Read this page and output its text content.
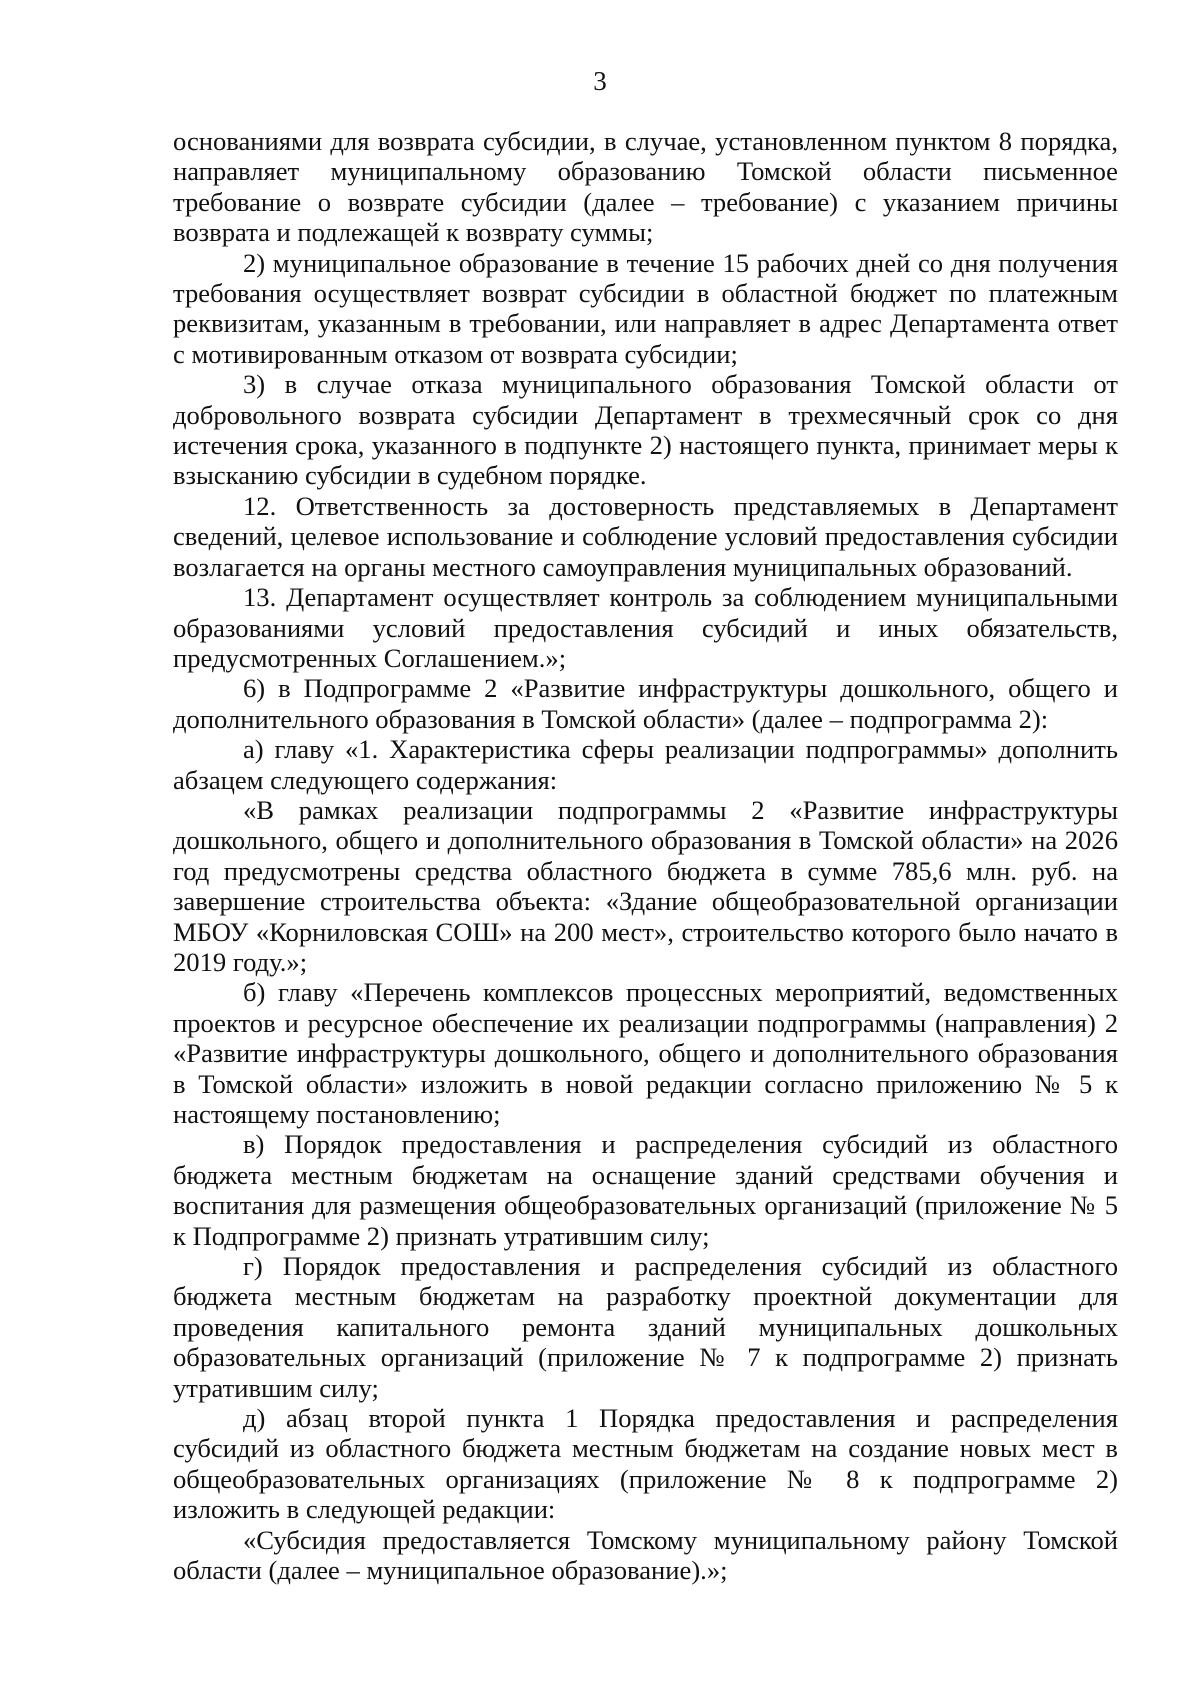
3

основаниями для возврата субсидии, в случае, установленном пунктом 8 порядка, направляет муниципальному образованию Томской области письменное требование о возврате субсидии (далее – требование) с указанием причины возврата и подлежащей к возврату суммы;

2) муниципальное образование в течение 15 рабочих дней со дня получения требования осуществляет возврат субсидии в областной бюджет по платежным реквизитам, указанным в требовании, или направляет в адрес Департамента ответ с мотивированным отказом от возврата субсидии;

3) в случае отказа муниципального образования Томской области от добровольного возврата субсидии Департамент в трехмесячный срок со дня истечения срока, указанного в подпункте 2) настоящего пункта, принимает меры к взысканию субсидии в судебном порядке.

12. Ответственность за достоверность представляемых в Департамент сведений, целевое использование и соблюдение условий предоставления субсидии возлагается на органы местного самоуправления муниципальных образований.

13. Департамент осуществляет контроль за соблюдением муниципальными образованиями условий предоставления субсидий и иных обязательств, предусмотренных Соглашением.»;

6) в Подпрограмме 2 «Развитие инфраструктуры дошкольного, общего и дополнительного образования в Томской области» (далее – подпрограмма 2):

а) главу «1. Характеристика сферы реализации подпрограммы» дополнить абзацем следующего содержания:

«В рамках реализации подпрограммы 2 «Развитие инфраструктуры дошкольного, общего и дополнительного образования в Томской области» на 2026 год предусмотрены средства областного бюджета в сумме 785,6 млн. руб. на завершение строительства объекта: «Здание общеобразовательной организации МБОУ «Корниловская СОШ» на 200 мест», строительство которого было начато в 2019 году.»;

б) главу «Перечень комплексов процессных мероприятий, ведомственных проектов и ресурсное обеспечение их реализации подпрограммы (направления) 2 «Развитие инфраструктуры дошкольного, общего и дополнительного образования в Томской области» изложить в новой редакции согласно приложению № 5 к настоящему постановлению;

в) Порядок предоставления и распределения субсидий из областного бюджета местным бюджетам на оснащение зданий средствами обучения и воспитания для размещения общеобразовательных организаций (приложение № 5 к Подпрограмме 2) признать утратившим силу;

г) Порядок предоставления и распределения субсидий из областного бюджета местным бюджетам на разработку проектной документации для проведения капитального ремонта зданий муниципальных дошкольных образовательных организаций (приложение № 7 к подпрограмме 2) признать утратившим силу;

д) абзац второй пункта 1 Порядка предоставления и распределения субсидий из областного бюджета местным бюджетам на создание новых мест в общеобразовательных организациях (приложение № 8 к подпрограмме 2) изложить в следующей редакции:

«Субсидия предоставляется Томскому муниципальному району Томской области (далее – муниципальное образование).»;
